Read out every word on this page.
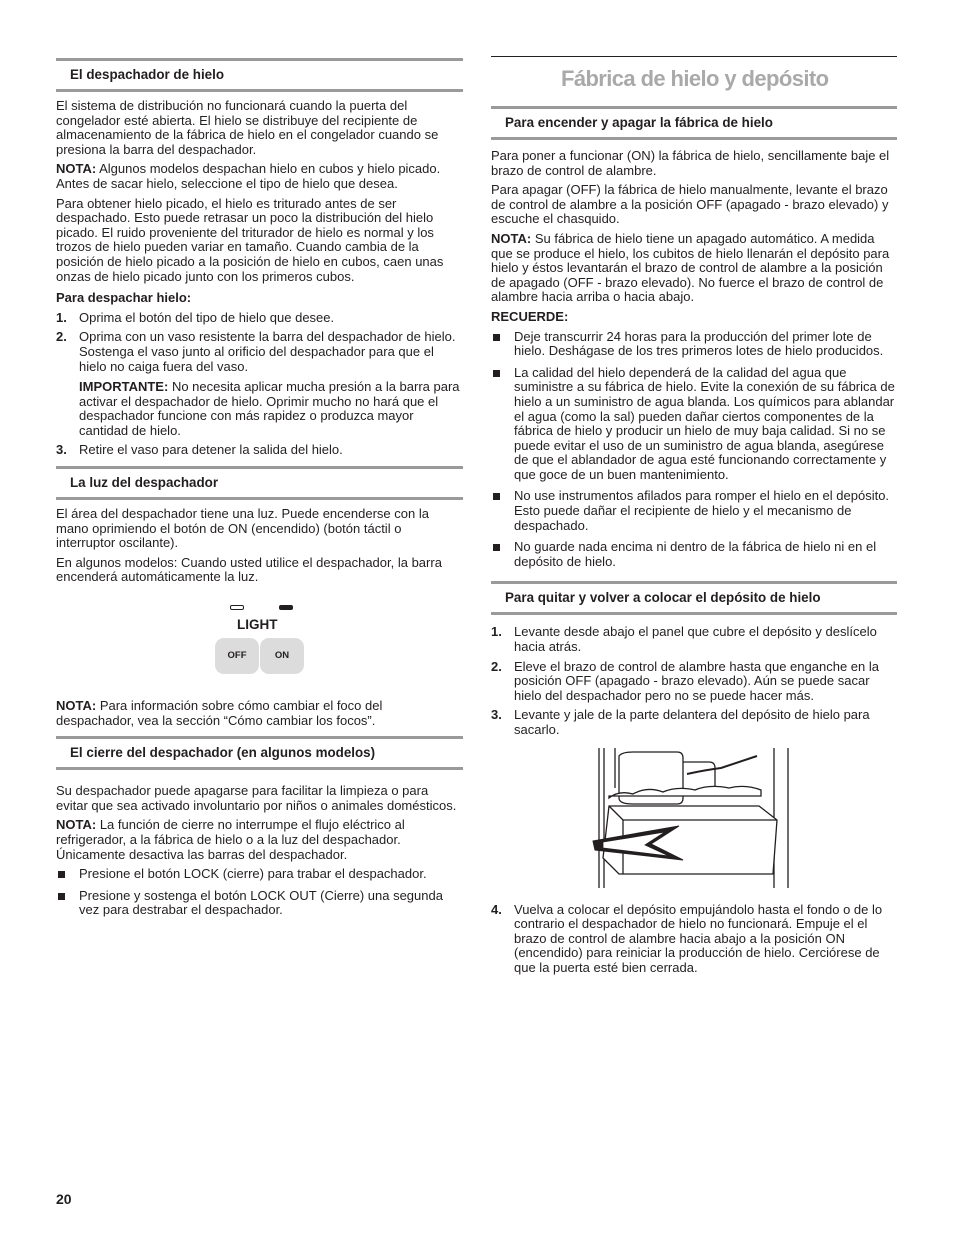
El despachador de hielo

El sistema de distribución no funcionará cuando la puerta del congelador esté abierta. El hielo se distribuye del recipiente de almacenamiento de la fábrica de hielo en el congelador cuando se presiona la barra del despachador.

NOTA: Algunos modelos despachan hielo en cubos y hielo picado. Antes de sacar hielo, seleccione el tipo de hielo que desea.

Para obtener hielo picado, el hielo es triturado antes de ser despachado. Esto puede retrasar un poco la distribución del hielo picado. El ruido proveniente del triturador de hielo es normal y los trozos de hielo pueden variar en tamaño. Cuando cambia de la posición de hielo picado a la posición de hielo en cubos, caen unas onzas de hielo picado junto con los primeros cubos.

Para despachar hielo:

1. Oprima el botón del tipo de hielo que desee.
2. Oprima con un vaso resistente la barra del despachador de hielo. Sostenga el vaso junto al orificio del despachador para que el hielo no caiga fuera del vaso.

IMPORTANTE: No necesita aplicar mucha presión a la barra para activar el despachador de hielo. Oprimir mucho no hará que el despachador funcione con más rapidez o produzca mayor cantidad de hielo.

3. Retire el vaso para detener la salida del hielo.
La luz del despachador

El área del despachador tiene una luz. Puede encenderse con la mano oprimiendo el botón de ON (encendido) (botón táctil o interruptor oscilante).

En algunos modelos: Cuando usted utilice el despachador, la barra encenderá automáticamente la luz.

LIGHT
OFF	ON

NOTA: Para información sobre cómo cambiar el foco del despachador, vea la sección “Cómo cambiar los focos”.

El cierre del despachador (en algunos modelos)

Su despachador puede apagarse para facilitar la limpieza o para evitar que sea activado involuntario por niños o animales domésticos.

NOTA: La función de cierre no interrumpe el flujo eléctrico al refrigerador, a la fábrica de hielo o a la luz del despachador. Únicamente desactiva las barras del despachador.

Presione el botón LOCK (cierre) para trabar el despachador.
Presione y sostenga el botón LOCK OUT (Cierre) una segunda vez para destrabar el despachador.
Fábrica de hielo y depósito
Para encender y apagar la fábrica de hielo

Para poner a funcionar (ON) la fábrica de hielo, sencillamente baje el brazo de control de alambre.

Para apagar (OFF) la fábrica de hielo manualmente, levante el brazo de control de alambre a la posición OFF (apagado - brazo elevado) y escuche el chasquido.

NOTA: Su fábrica de hielo tiene un apagado automático. A medida que se produce el hielo, los cubitos de hielo llenarán el depósito para hielo y éstos levantarán el brazo de control de alambre a la posición de apagado (OFF - brazo elevado). No fuerce el brazo de control de alambre hacia arriba o hacia abajo.

RECUERDE:

Deje transcurrir 24 horas para la producción del primer lote de hielo. Deshágase de los tres primeros lotes de hielo producidos.
La calidad del hielo dependerá de la calidad del agua que suministre a su fábrica de hielo. Evite la conexión de su fábrica de hielo a un suministro de agua blanda. Los químicos para ablandar el agua (como la sal) pueden dañar ciertos componentes de la fábrica de hielo y producir un hielo de muy baja calidad. Si no se puede evitar el uso de un suministro de agua blanda, asegúrese de que el ablandador de agua esté funcionando correctamente y que goce de un buen mantenimiento.
No use instrumentos afilados para romper el hielo en el depósito. Esto puede dañar el recipiente de hielo y el mecanismo de despachado.
No guarde nada encima ni dentro de la fábrica de hielo ni en el depósito de hielo.
Para quitar y volver a colocar el depósito de hielo
1. Levante desde abajo el panel que cubre el depósito y deslícelo hacia atrás.
2. Eleve el brazo de control de alambre hasta que enganche en la posición OFF (apagado - brazo elevado). Aún se puede sacar hielo del despachador pero no se puede hacer más.
3. Levante y jale de la parte delantera del depósito de hielo para sacarlo.
4. Vuelva a colocar el depósito empujándolo hasta el fondo o de lo contrario el despachador de hielo no funcionará. Empuje el el brazo de control de alambre hacia abajo a la posición ON (encendido) para reiniciar la producción de hielo. Cerciórese de que la puerta esté bien cerrada.
20
